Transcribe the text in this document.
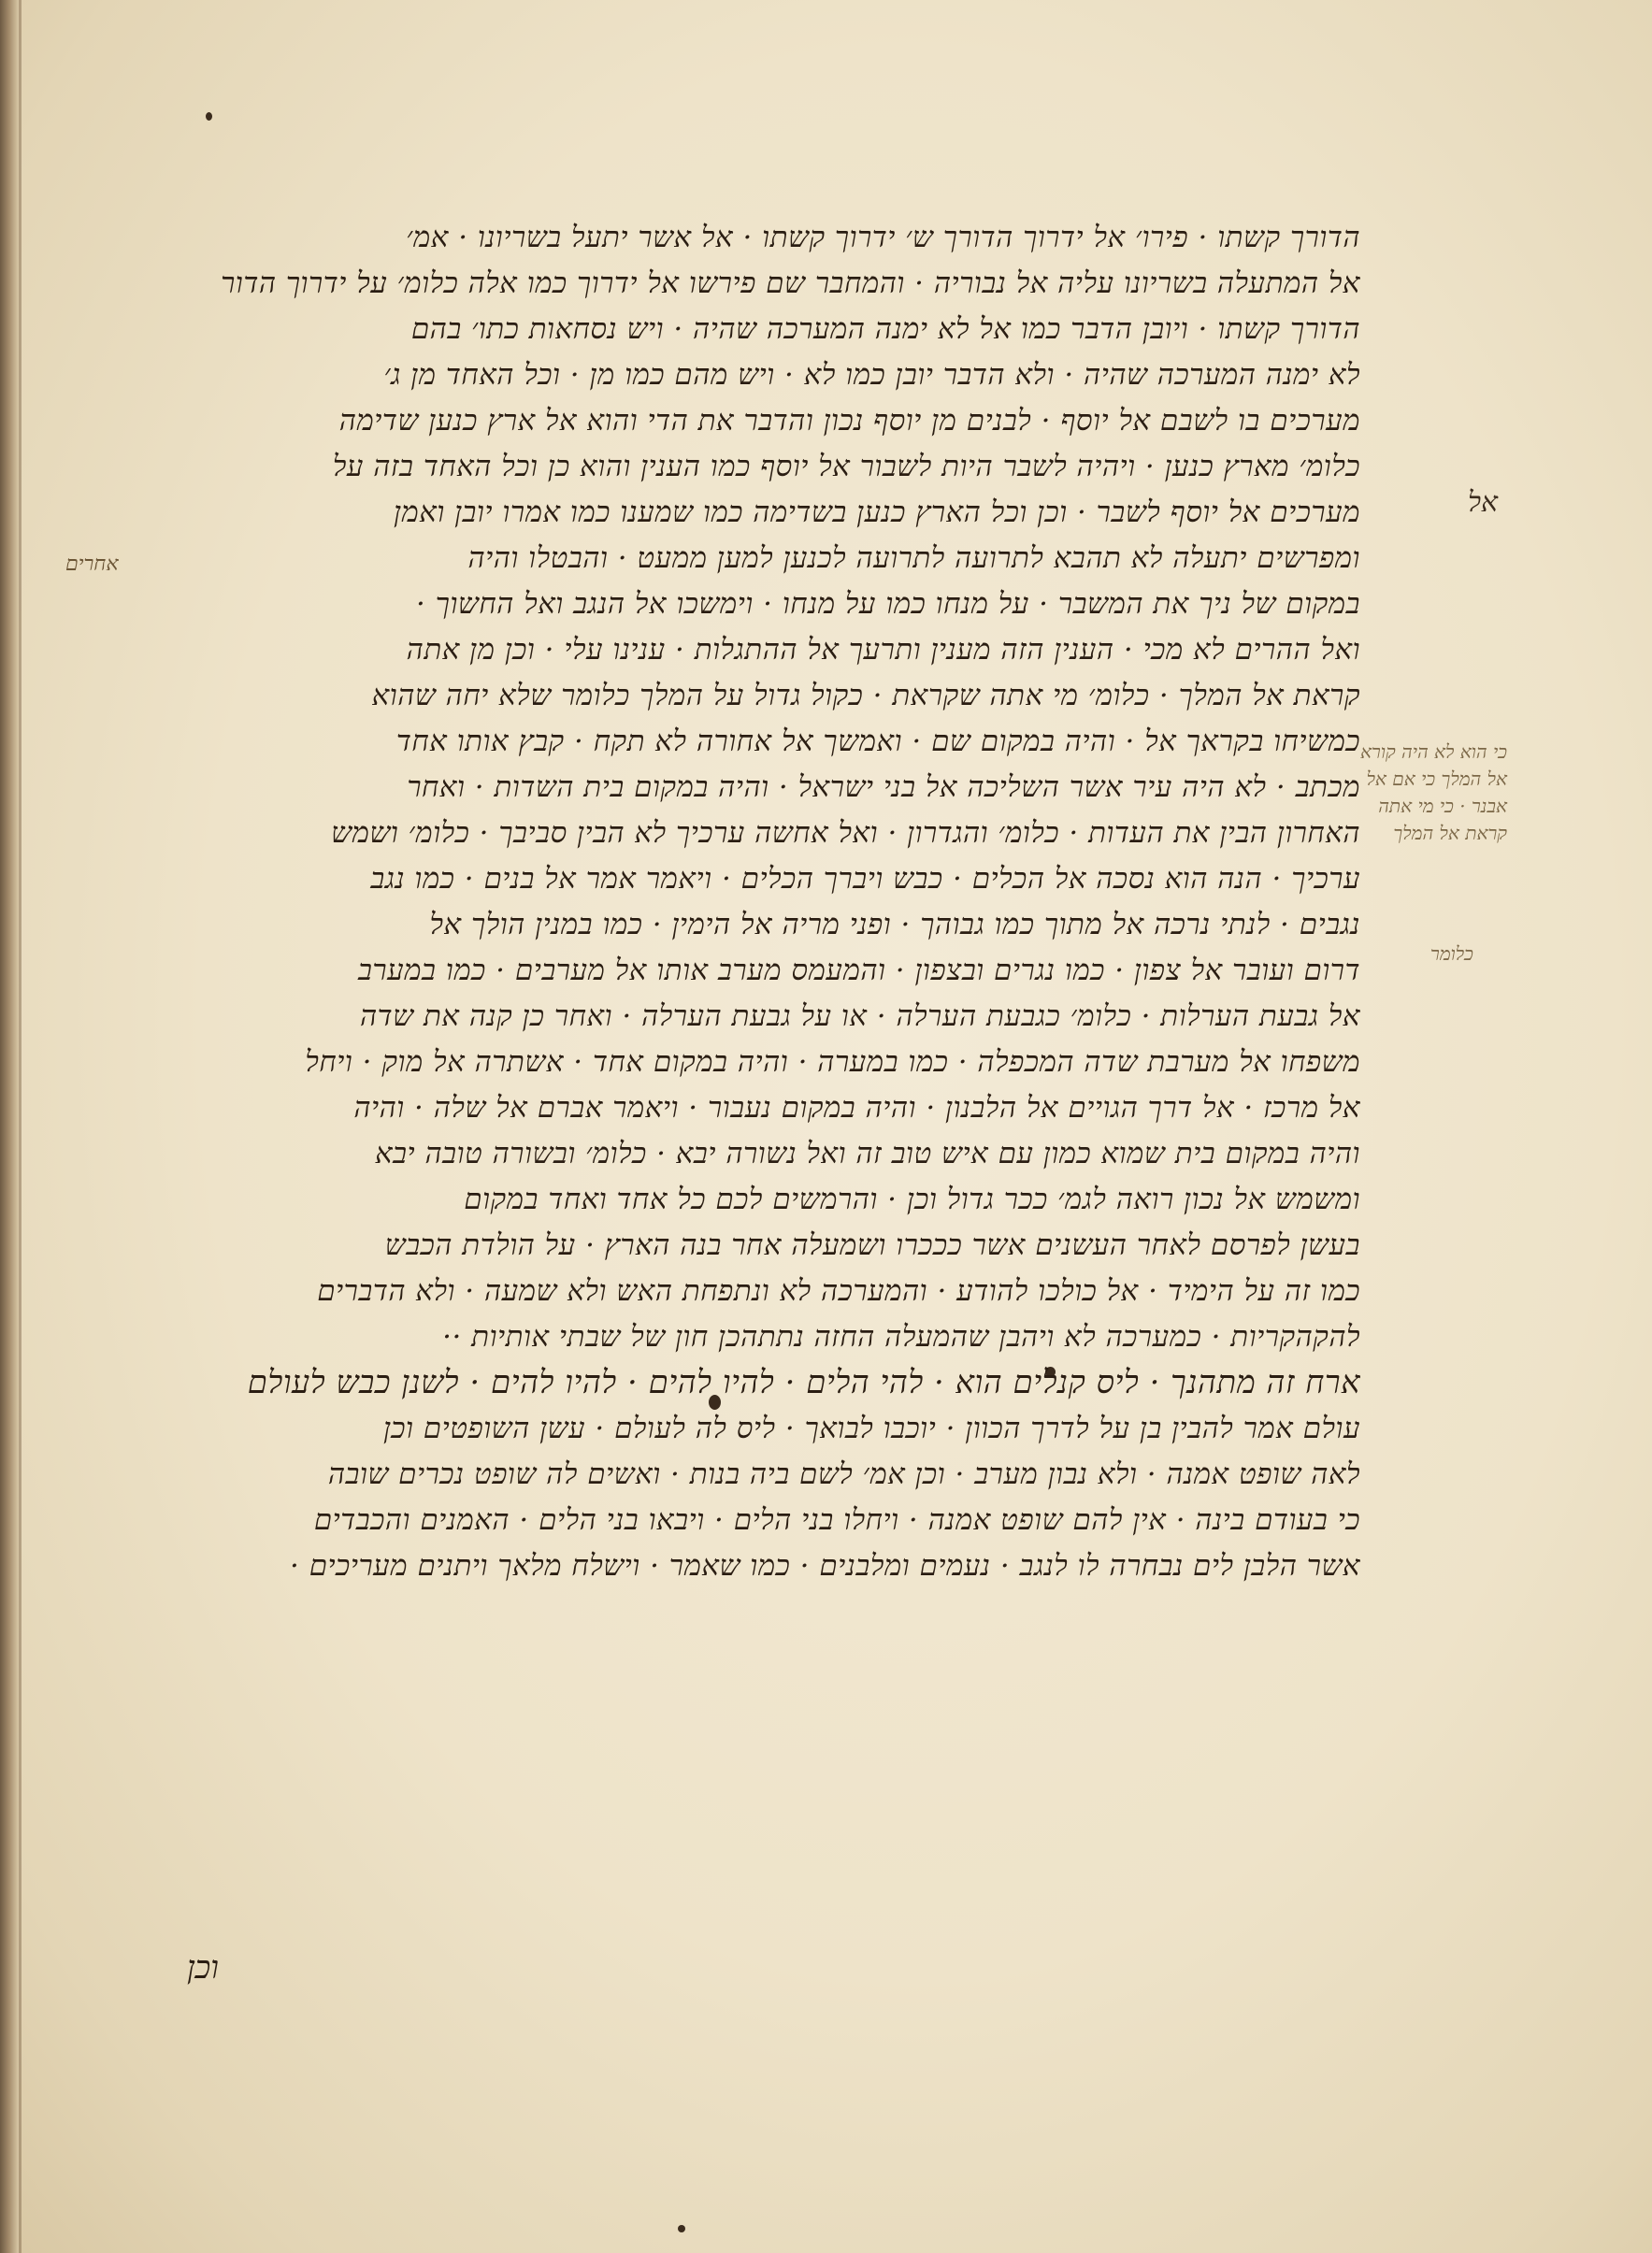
הדורך קשתו · פירו׳ אל ידרוך הדורך ש׳ ידרוך קשתו · אל אשר יתעל בשריונו · אמ׳
אל המתעלה בשריונו עליה אל נבוריה · והמחבר שם פירשו אל ידרוך כמו אלה כלומ׳ על ידרוך הדור
הדורך קשתו · ויובן הדבר כמו אל לא ימנה המערכה שהיה · ויש נסחאות כתו׳ בהם
לא ימנה המערכה שהיה · ולא הדבר יובן כמו לא · ויש מהם כמו מן · וכל האחד מן ג׳
מערכים בו לשבם אל יוסף · לבנים מן יוסף נכון והדבר את הדי והוא אל ארץ כנען שדימה
כלומ׳ מארץ כנען · ויהיה לשבר היות לשבור אל יוסף כמו הענין והוא כן וכל האחד בזה על
מערכים אל יוסף לשבר · וכן וכל הארץ כנען בשדימה כמו שמענו כמו אמרו יובן ואמן
ומפרשים יתעלה לא תהבא לתרועה לתרועה לכנען למען ממעט · והבטלו והיה
במקום של ניך את המשבר · על מנחו כמו על מנחו · וימשכו אל הנגב ואל החשוך ·
ואל ההרים לא מכי · הענין הזה מענין ותרעך אל ההתגלות · ענינו עלי · וכן מן אתה
קראת אל המלך · כלומ׳ מי אתה שקראת · כקול גדול על המלך כלומר שלא יחה שהוא
כמשיחו בקראך אל · והיה במקום שם · ואמשך אל אחורה לא תקח · קבץ אותו אחד
מכתב · לא היה עיר אשר השליכה אל בני ישראל · והיה במקום בית השדות · ואחר
האחרון הבין את העדות · כלומ׳ והגדרון · ואל אחשה ערכיך לא הבין סביבך · כלומ׳ ושמש
ערכיך · הנה הוא נסכה אל הכלים · כבש ויברך הכלים · ויאמר אמר אל בנים · כמו נגב
נגבים · לנתי נרכה אל מתוך כמו גבוהך · ופני מריה אל הימין · כמו במנין הולך אל
דרום ועובר אל צפון · כמו נגרים ובצפון · והמעמס מערב אותו אל מערבים · כמו במערב
אל גבעת הערלות · כלומ׳ כגבעת הערלה · או על גבעת הערלה · ואחר כן קנה את שדה
משפחו אל מערבת שדה המכפלה · כמו במערה · והיה במקום אחד · אשתרה אל מוק · ויחל
אל מרכז · אל דרך הגויים אל הלבנון · והיה במקום נעבור · ויאמר אברם אל שלה · והיה
והיה במקום בית שמוא כמון עם איש טוב זה ואל נשורה יבא · כלומ׳ ובשורה טובה יבא
ומשמש אל נכון רואה לגמ׳ ככר גדול וכן · והרמשים לכם כל אחד ואחד במקום
בעשן לפרסם לאחר העשנים אשר כככרו ושמעלה אחר בנה הארץ · על הולדת הכבש
כמו זה על הימיד · אל כולכו להודע · והמערכה לא ונתפחת האש ולא שמעה · ולא הדברים
להקהקריות · כמערכה לא ויהבן שהמעלה החזה נתתהכן חון של שבתי אותיות ··
ארח זה מתהנך · ליס קנלים הוא · להי הלים · להיו להים · להיו להים · לשנן כבש לעולם
עולם אמר להבין בן על לדרך הכוון · יוכבו לבואך · ליס לה לעולם · עשן השופטים וכן
לאה שופט אמנה · ולא נבון מערב · וכן אמ׳ לשם ביה בנות · ואשים לה שופט נכרים שובה
כי בעודם בינה · אין להם שופט אמנה · ויחלו בני הלים · ויבאו בני הלים · האמנים והכבדים
אשר הלבן לים נבחרה לו לנגב · נעמים ומלבנים · כמו שאמר · וישלח מלאך ויתנים מעריכים ·
אל
אחרים
כי הוא לא היה קורא
אל המלך כי אם אל
אבנר · כי מי אתה
קראת אל המלך
כלומר
וכן
